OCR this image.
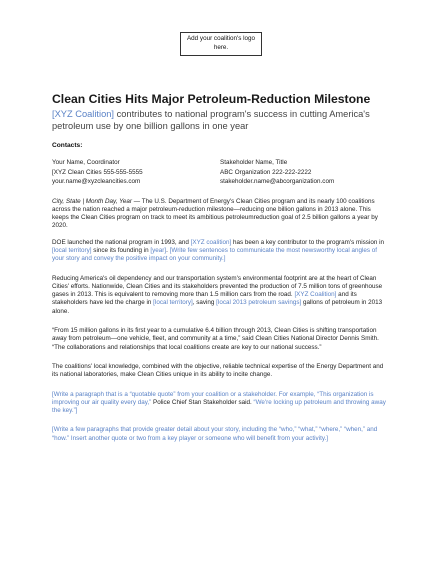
Add your coalition's logo
here.
Clean Cities Hits Major Petroleum-Reduction Milestone
[XYZ Coalition] contributes to national program's success in cutting America's petroleum use by one billion gallons in one year
Contacts:
Your Name, Coordinator
[XYZ Clean Cities 555-555-5555
your.name@xyzcleancities.com
Stakeholder Name, Title
ABC Organization 222-222-2222
stakeholder.name@abcorganization.com

City, State | Month Day, Year — The U.S. Department of Energy's Clean Cities program and its nearly 100 coalitions across the nation reached a major petroleum-reduction milestone—reducing one billion gallons in 2013 alone. This keeps the Clean Cities program on track to meet its ambitious petroleumreduction goal of 2.5 billion gallons a year by 2020.

DOE launched the national program in 1993, and [XYZ coalition] has been a key contributor to the program's mission in [local territory] since its founding in [year]. [Write few sentences to communicate the most newsworthy local angles of your story and convey the positive impact on your community.]

Reducing America's oil dependency and our transportation system's environmental footprint are at the heart of Clean Cities' efforts. Nationwide, Clean Cities and its stakeholders prevented the production of 7.5 million tons of greenhouse gases in 2013. This is equivalent to removing more than 1.5 million cars from the road. [XYZ Coalition] and its stakeholders have led the charge in [local territory], saving [local 2013 petroleum savings] gallons of petroleum in 2013 alone.

“From 15 million gallons in its first year to a cumulative 6.4 billion through 2013, Clean Cities is shifting transportation away from petroleum—one vehicle, fleet, and community at a time,” said Clean Cities National Director Dennis Smith. “The collaborations and relationships that local coalitions create are key to our national success.”

The coalitions' local knowledge, combined with the objective, reliable technical expertise of the Energy Department and its national laboratories, make Clean Cities unique in its ability to incite change.

[Write a paragraph that is a “quotable quote” from your coalition or a stakeholder. For example, “This organization is improving our air quality every day,” Police Chief Stan Stakeholder said. “We're locking up petroleum and throwing away the key.”]

[Write a few paragraphs that provide greater detail about your story, including the “who,” “what,” “where,” “when,” and “how.” Insert another quote or two from a key player or someone who will benefit from your activity.]
